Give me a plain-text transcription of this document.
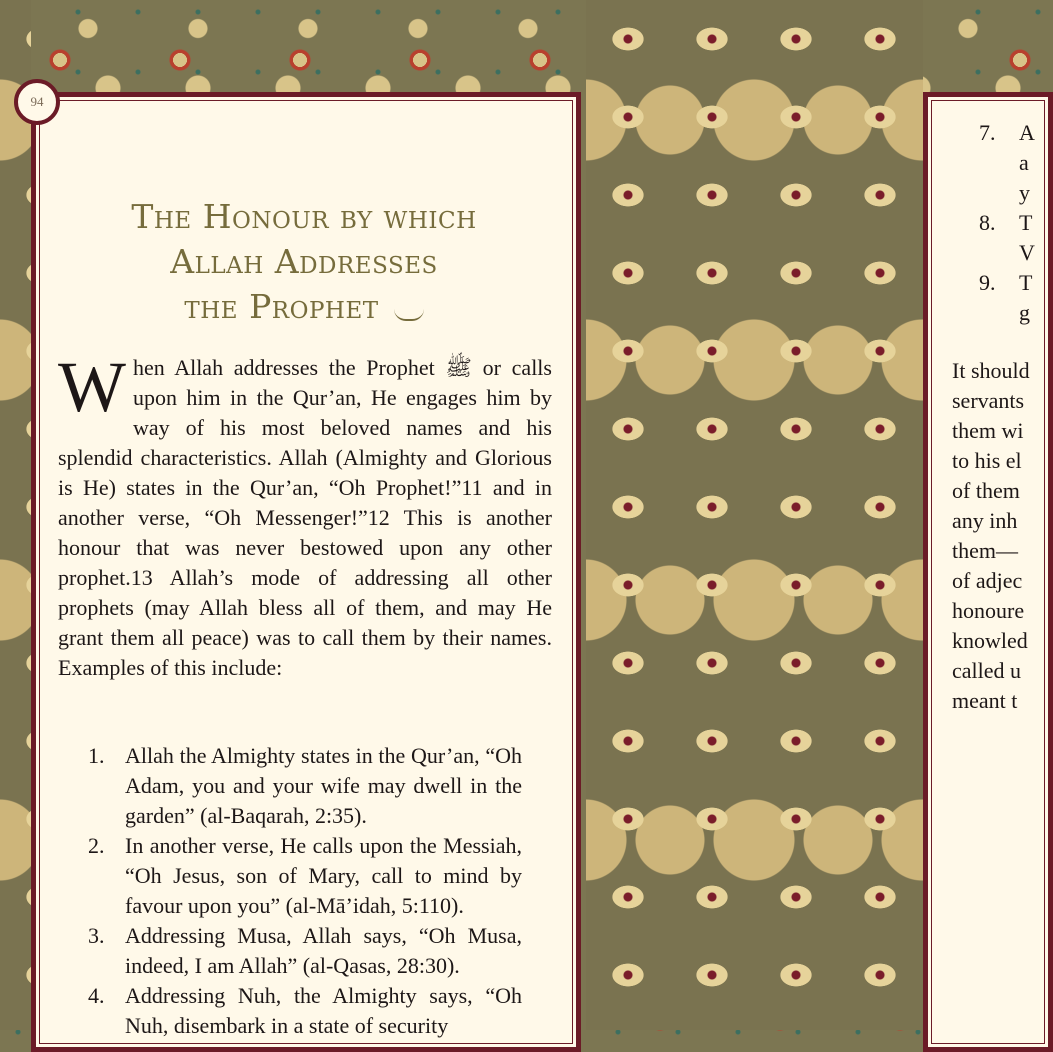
94
The Honour by which
Allah Addresses
the Prophet

When Allah addresses the Prophet ﷺ or calls upon him in the Qur’an, He engages him by way of his most beloved names and his splendid characteristics. Allah (Almighty and Glorious is He) states in the Qur’an, “Oh Prophet!”11 and in another verse, “Oh Messenger!”12 This is another honour that was never bestowed upon any other prophet.13 Allah’s mode of addressing all other prophets (may Allah bless all of them, and may He grant them all peace) was to call them by their names. Examples of this include:

1. Allah the Almighty states in the Qur’an, “Oh Adam, you and your wife may dwell in the garden” (al-Baqarah, 2:35).
2. In another verse, He calls upon the Messiah, “Oh Jesus, son of Mary, call to mind by favour upon you” (al-Mā’idah, 5:110).
3. Addressing Musa, Allah says, “Oh Musa, indeed, I am Allah” (al-Qasas, 28:30).
4. Addressing Nuh, the Almighty says, “Oh Nuh, disembark in a state of security
7.	A
a
y
8.	T
V
9.	T
g
It should
servants
them wi
to his el
of them
any inh
them—
of adjec
honoure
knowled
called u
meant t
